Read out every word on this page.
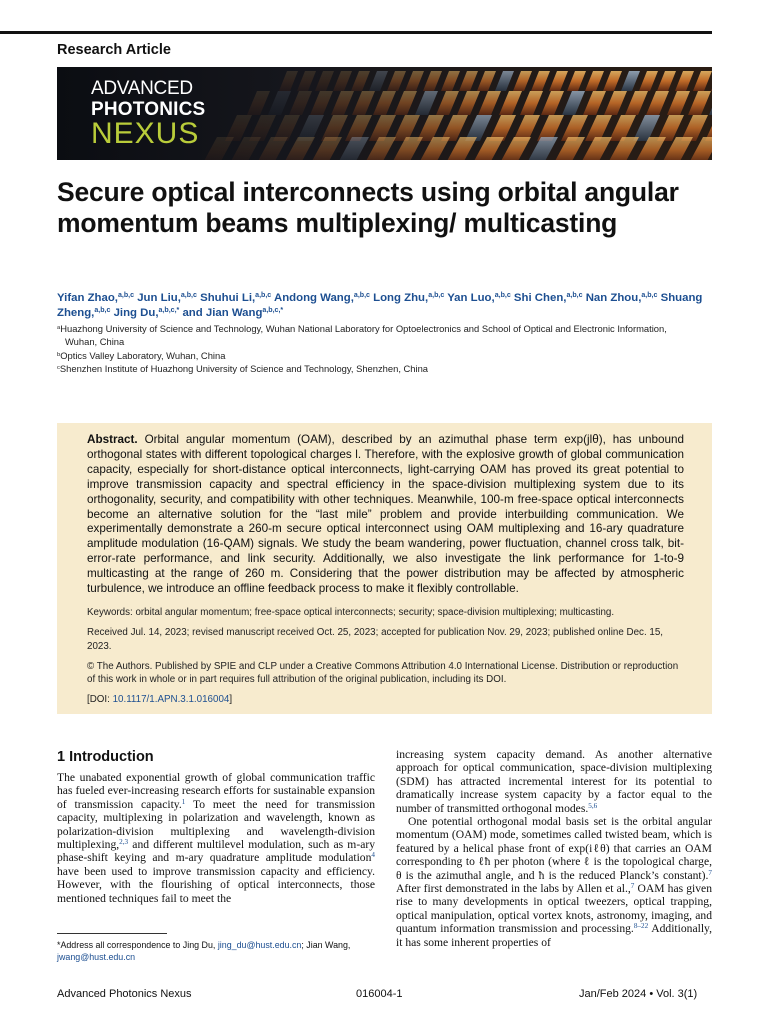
Research Article
ADVANCED
PHOTONICS
NEXUS
Secure optical interconnects using orbital angular momentum beams multiplexing/ multicasting
Yifan Zhao,$^{a,b,c}$ Jun Liu,$^{a,b,c}$ Shuhui Li,$^{a,b,c}$ Andong Wang,$^{a,b,c}$ Long Zhu,$^{a,b,c}$ Yan Luo,$^{a,b,c}$ Shi Chen,$^{a,b,c}$ Nan Zhou,$^{a,b,c}$ Shuang Zheng,$^{a,b,c}$ Jing Du,$^{a,b,c,*}$ and Jian Wang$^{a,b,c,*}$
$^a$Huazhong University of Science and Technology, Wuhan National Laboratory for Optoelectronics and School of Optical and Electronic Information,
Wuhan, China
$^b$Optics Valley Laboratory, Wuhan, China
$^c$Shenzhen Institute of Huazhong University of Science and Technology, Shenzhen, China
Abstract. Orbital angular momentum (OAM), described by an azimuthal phase term exp(jlθ), has unbound orthogonal states with different topological charges l. Therefore, with the explosive growth of global communication capacity, especially for short-distance optical interconnects, light-carrying OAM has proved its great potential to improve transmission capacity and spectral efficiency in the space-division multiplexing system due to its orthogonality, security, and compatibility with other techniques. Meanwhile, 100-m free-space optical interconnects become an alternative solution for the “last mile” problem and provide interbuilding communication. We experimentally demonstrate a 260-m secure optical interconnect using OAM multiplexing and 16-ary quadrature amplitude modulation (16-QAM) signals. We study the beam wandering, power fluctuation, channel cross talk, bit-error-rate performance, and link security. Additionally, we also investigate the link performance for 1-to-9 multicasting at the range of 260 m. Considering that the power distribution may be affected by atmospheric turbulence, we introduce an offline feedback process to make it flexibly controllable.
Keywords: orbital angular momentum; free-space optical interconnects; security; space-division multiplexing; multicasting.
Received Jul. 14, 2023; revised manuscript received Oct. 25, 2023; accepted for publication Nov. 29, 2023; published online Dec. 15, 2023.
© The Authors. Published by SPIE and CLP under a Creative Commons Attribution 4.0 International License. Distribution or reproduction of this work in whole or in part requires full attribution of the original publication, including its DOI.
[DOI: 10.1117/1.APN.3.1.016004]
1 Introduction
The unabated exponential growth of global communication traffic has fueled ever-increasing research efforts for sustainable expansion of transmission capacity.$^1$ To meet the need for transmission capacity, multiplexing in polarization and wavelength, known as polarization-division multiplexing and wavelength-division multiplexing,$^{2,3}$ and different multilevel modulation, such as m-ary phase-shift keying and m-ary quadrature amplitude modulation$^4$ have been used to improve transmission capacity and efficiency. However, with the flourishing of optical interconnects, those mentioned techniques fail to meet the
increasing system capacity demand. As another alternative approach for optical communication, space-division multiplexing (SDM) has attracted incremental interest for its potential to dramatically increase system capacity by a factor equal to the number of transmitted orthogonal modes.$^{5,6}$
One potential orthogonal modal basis set is the orbital angular momentum (OAM) mode, sometimes called twisted beam, which is featured by a helical phase front of exp(iℓθ) that carries an OAM corresponding to ℓħ per photon (where ℓ is the topological charge, θ is the azimuthal angle, and ħ is the reduced Planck’s constant).$^7$ After first demonstrated in the labs by Allen et al.,$^7$ OAM has given rise to many developments in optical tweezers, optical trapping, optical manipulation, optical vortex knots, astronomy, imaging, and quantum information transmission and processing.$^{8-22}$ Additionally, it has some inherent properties of
*Address all correspondence to Jing Du, jing_du@hust.edu.cn; Jian Wang, jwang@hust.edu.cn
Advanced Photonics Nexus	016004-1	Jan/Feb 2024 • Vol. 3(1)
